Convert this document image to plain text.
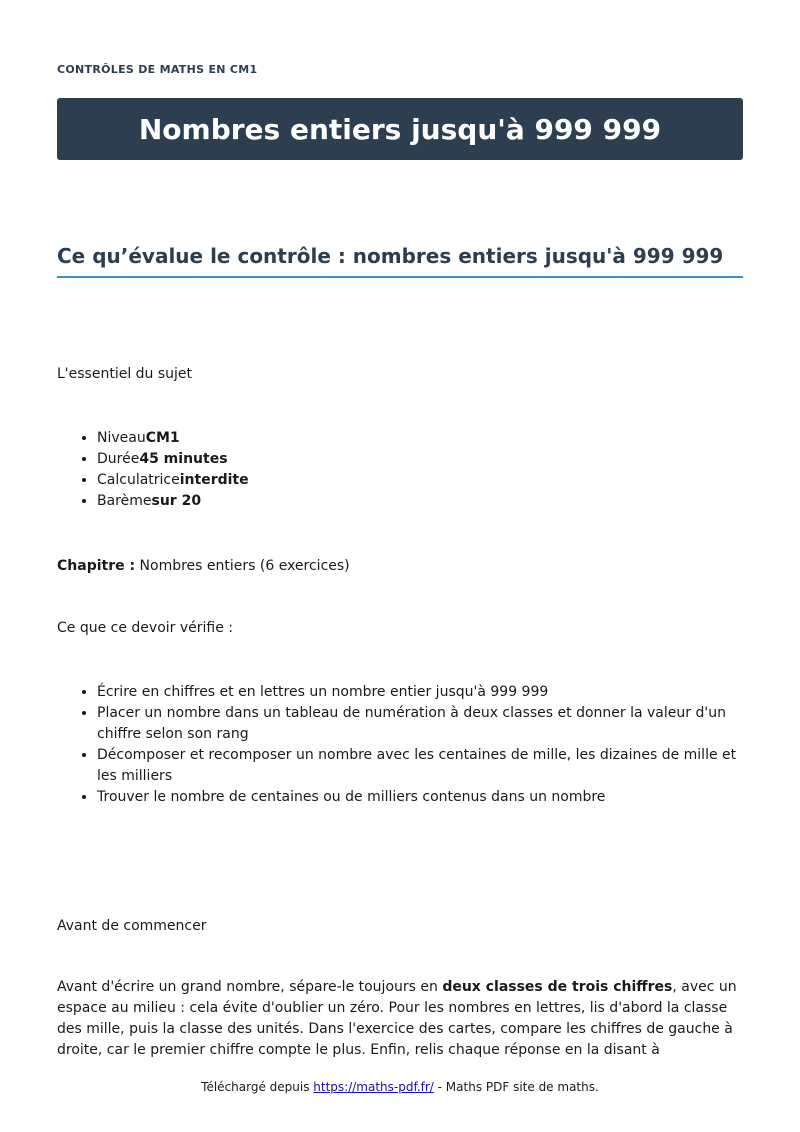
CONTRÔLES DE MATHS EN CM1
Nombres entiers jusqu'à 999 999
Ce qu’évalue le contrôle : nombres entiers jusqu'à 999 999

L'essentiel du sujet

• NiveauCM1
• Durée45 minutes
• Calculatriceinterdite
• Barèmesur 20

Chapitre : Nombres entiers (6 exercices)

Ce que ce devoir vérifie :

• Écrire en chiffres et en lettres un nombre entier jusqu'à 999 999
• Placer un nombre dans un tableau de numération à deux classes et donner la valeur d'un chiffre selon son rang
• Décomposer et recomposer un nombre avec les centaines de mille, les dizaines de mille et les milliers
• Trouver le nombre de centaines ou de milliers contenus dans un nombre

Avant de commencer

Avant d'écrire un grand nombre, sépare-le toujours en deux classes de trois chiffres, avec un espace au milieu : cela évite d'oublier un zéro. Pour les nombres en lettres, lis d'abord la classe des mille, puis la classe des unités. Dans l'exercice des cartes, compare les chiffres de gauche à droite, car le premier chiffre compte le plus. Enfin, relis chaque réponse en la disant à

Téléchargé depuis https://maths-pdf.fr/ - Maths PDF site de maths.
